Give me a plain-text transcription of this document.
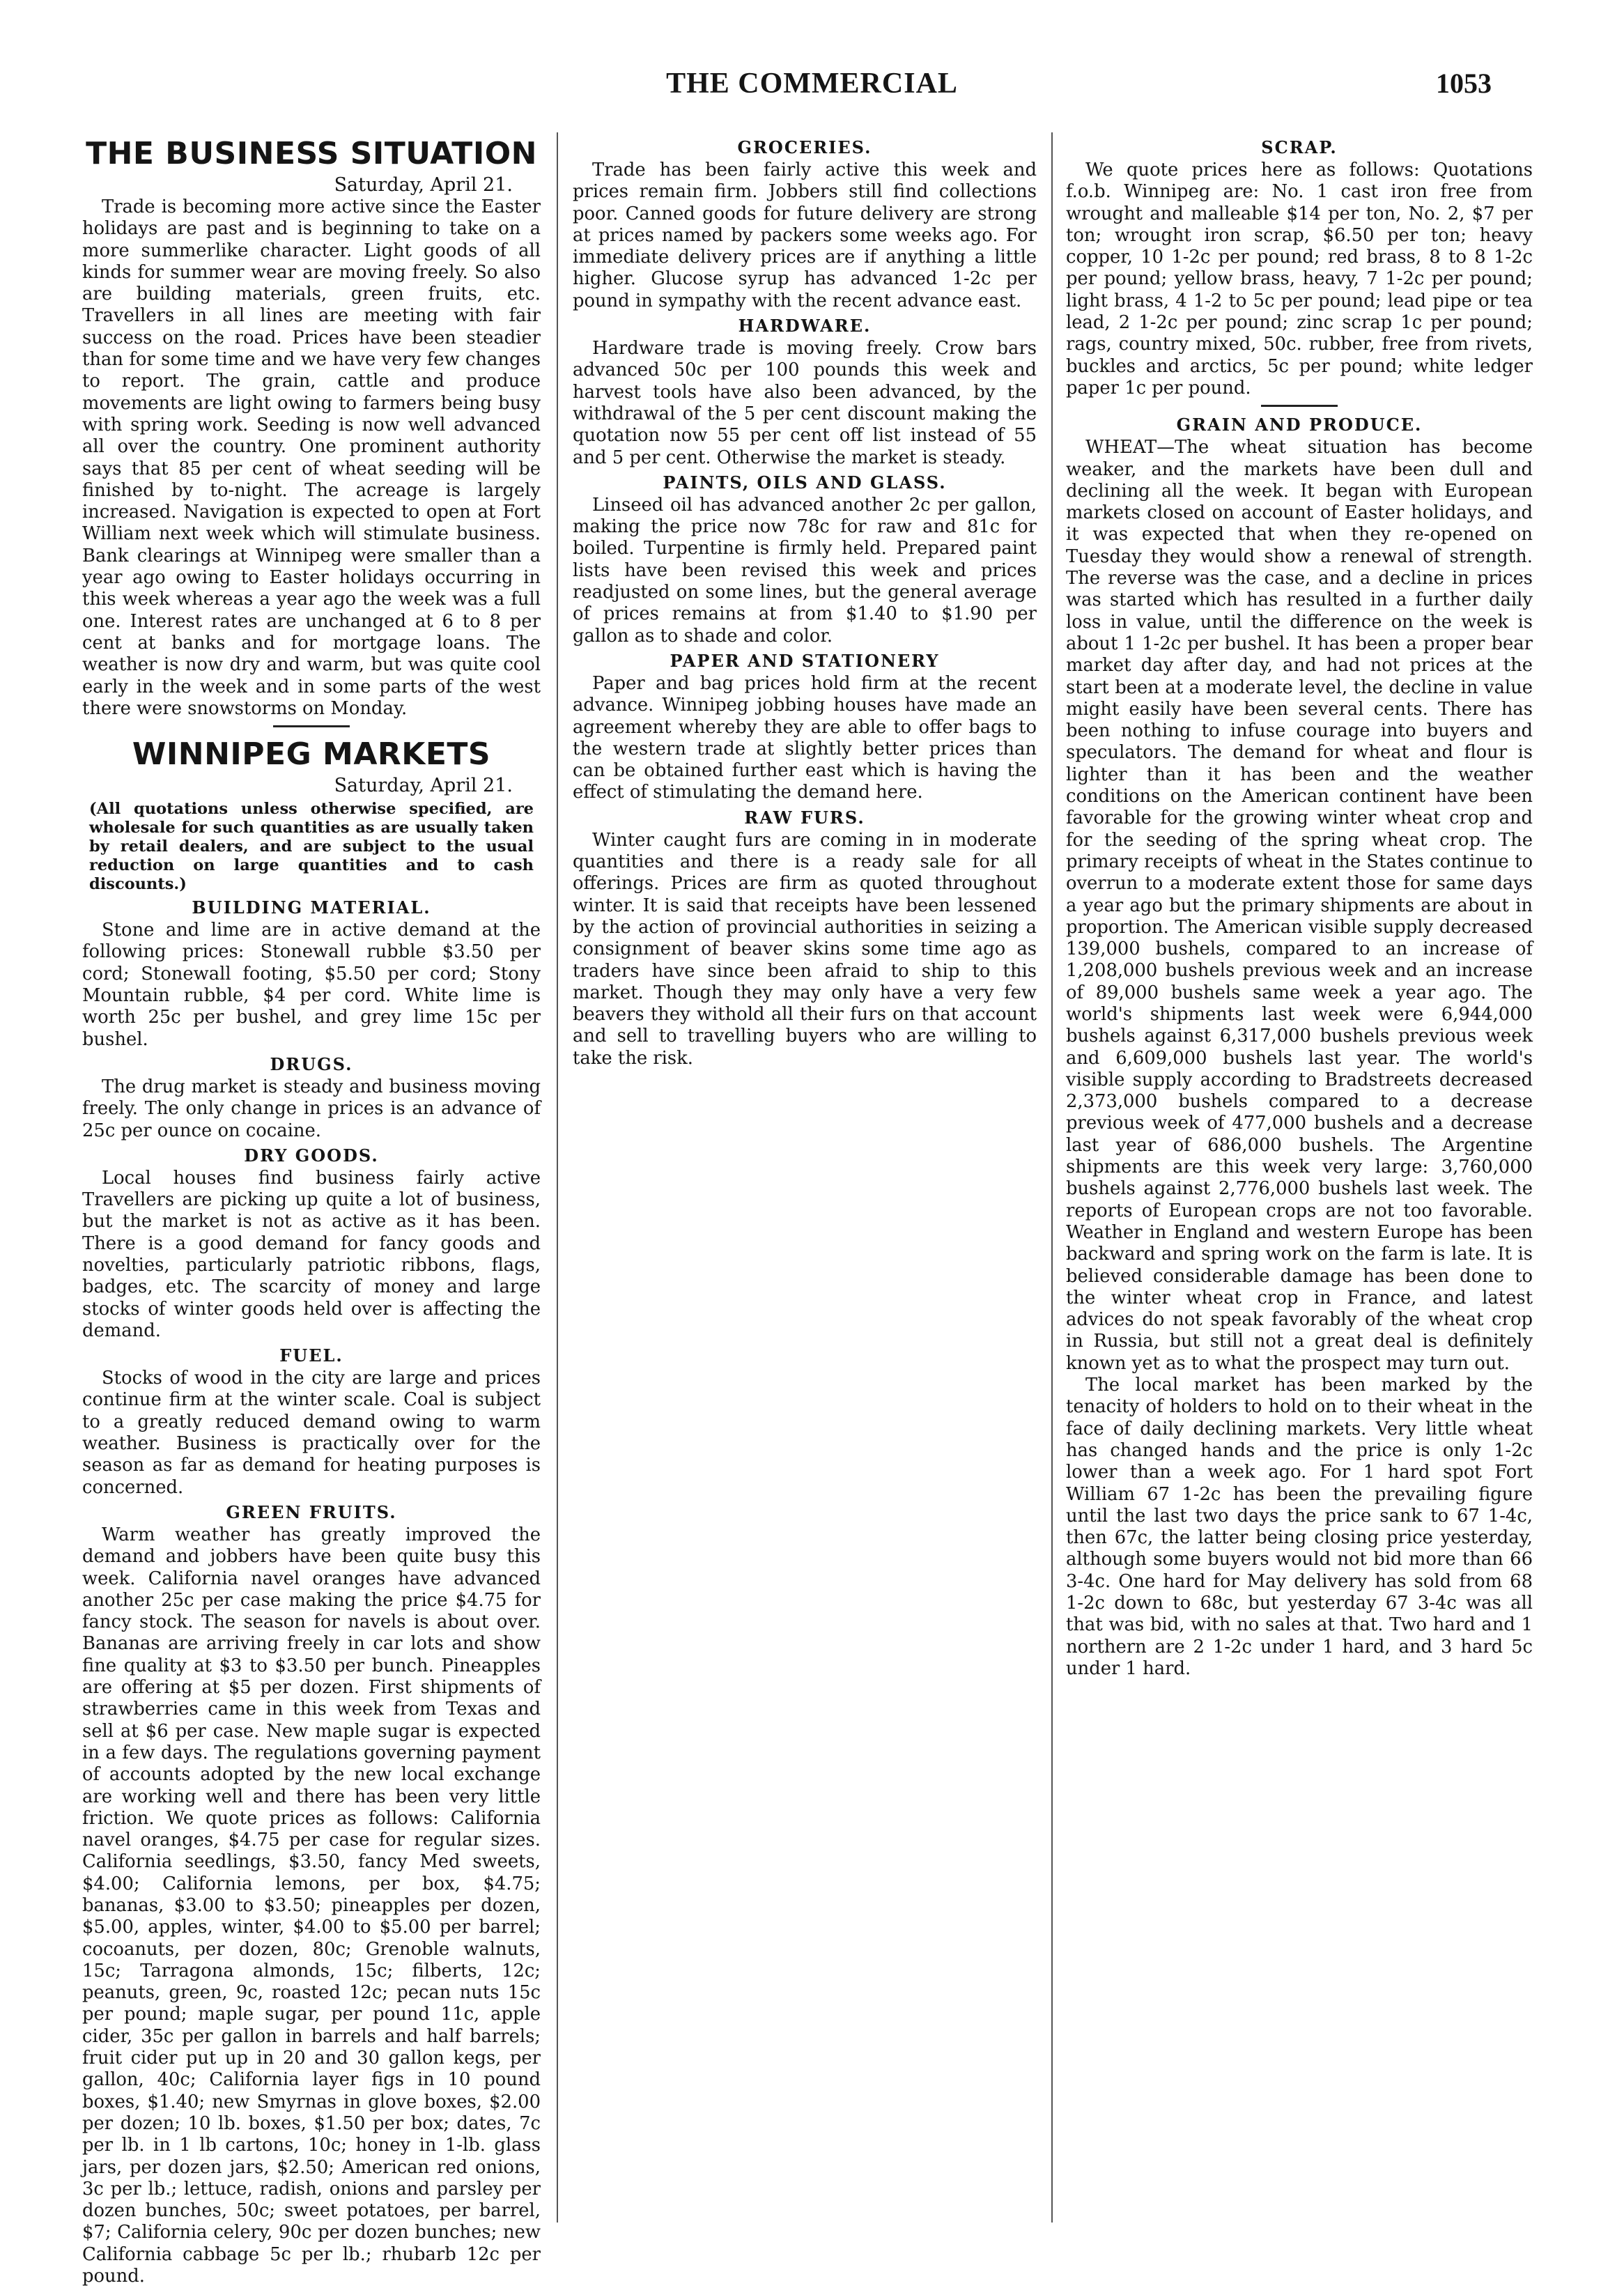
THE COMMERCIAL	1053
THE BUSINESS SITUATION

Saturday, April 21.

Trade is becoming more active since the Easter holidays are past and is beginning to take on a more summerlike character. Light goods of all kinds for summer wear are moving freely. So also are building materials, green fruits, etc. Travellers in all lines are meeting with fair success on the road. Prices have been steadier than for some time and we have very few changes to report. The grain, cattle and produce movements are light owing to farmers being busy with spring work. Seeding is now well advanced all over the country. One prominent authority says that 85 per cent of wheat seeding will be finished by to-night. The acreage is largely increased. Navigation is expected to open at Fort William next week which will stimulate business. Bank clearings at Winnipeg were smaller than a year ago owing to Easter holidays occurring in this week whereas a year ago the week was a full one. Interest rates are unchanged at 6 to 8 per cent at banks and for mortgage loans. The weather is now dry and warm, but was quite cool early in the week and in some parts of the west there were snowstorms on Monday.

WINNIPEG MARKETS

Saturday, April 21.

(All quotations unless otherwise specified, are wholesale for such quantities as are usually taken by retail dealers, and are subject to the usual reduction on large quantities and to cash discounts.)

BUILDING MATERIAL.

Stone and lime are in active demand at the following prices: Stonewall rubble $3.50 per cord; Stonewall footing, $5.50 per cord; Stony Mountain rubble, $4 per cord. White lime is worth 25c per bushel, and grey lime 15c per bushel.

DRUGS.

The drug market is steady and business moving freely. The only change in prices is an advance of 25c per ounce on cocaine.

DRY GOODS.

Local houses find business fairly active Travellers are picking up quite a lot of business, but the market is not as active as it has been. There is a good demand for fancy goods and novelties, particularly patriotic ribbons, flags, badges, etc. The scarcity of money and large stocks of winter goods held over is affecting the demand.

FUEL.

Stocks of wood in the city are large and prices continue firm at the winter scale. Coal is subject to a greatly reduced demand owing to warm weather. Business is practically over for the season as far as demand for heating purposes is concerned.

GREEN FRUITS.

Warm weather has greatly improved the demand and jobbers have been quite busy this week. California navel oranges have advanced another 25c per case making the price $4.75 for fancy stock. The season for navels is about over. Bananas are arriving freely in car lots and show fine quality at $3 to $3.50 per bunch. Pineapples are offering at $5 per dozen. First shipments of strawberries came in this week from Texas and sell at $6 per case. New maple sugar is expected in a few days. The regulations governing payment of accounts adopted by the new local exchange are working well and there has been very little friction. We quote prices as follows: California navel oranges, $4.75 per case for regular sizes. California seedlings, $3.50, fancy Med sweets, $4.00; California lemons, per box, $4.75; bananas, $3.00 to $3.50; pineapples per dozen, $5.00, apples, winter, $4.00 to $5.00 per barrel; cocoanuts, per dozen, 80c; Grenoble walnuts, 15c; Tarragona almonds, 15c; filberts, 12c; peanuts, green, 9c, roasted 12c; pecan nuts 15c per pound; maple sugar, per pound 11c, apple cider, 35c per gallon in barrels and half barrels; fruit cider put up in 20 and 30 gallon kegs, per gallon, 40c; California layer figs in 10 pound boxes, $1.40; new Smyrnas in glove boxes, $2.00 per dozen; 10 lb. boxes, $1.50 per box; dates, 7c per lb. in 1 lb cartons, 10c; honey in 1-lb. glass jars, per dozen jars, $2.50; American red onions, 3c per lb.; lettuce, radish, onions and parsley per dozen bunches, 50c; sweet potatoes, per barrel, $7; California celery, 90c per dozen bunches; new California cabbage 5c per lb.; rhubarb 12c per pound.

GROCERIES.

Trade has been fairly active this week and prices remain firm. Jobbers still find collections poor. Canned goods for future delivery are strong at prices named by packers some weeks ago. For immediate delivery prices are if anything a little higher. Glucose syrup has advanced 1-2c per pound in sympathy with the recent advance east.

HARDWARE.

Hardware trade is moving freely. Crow bars advanced 50c per 100 pounds this week and harvest tools have also been advanced, by the withdrawal of the 5 per cent discount making the quotation now 55 per cent off list instead of 55 and 5 per cent. Otherwise the market is steady.

PAINTS, OILS AND GLASS.

Linseed oil has advanced another 2c per gallon, making the price now 78c for raw and 81c for boiled. Turpentine is firmly held. Prepared paint lists have been revised this week and prices readjusted on some lines, but the general average of prices remains at from $1.40 to $1.90 per gallon as to shade and color.

PAPER AND STATIONERY

Paper and bag prices hold firm at the recent advance. Winnipeg jobbing houses have made an agreement whereby they are able to offer bags to the western trade at slightly better prices than can be obtained further east which is having the effect of stimulating the demand here.

RAW FURS.

Winter caught furs are coming in in moderate quantities and there is a ready sale for all offerings. Prices are firm as quoted throughout winter. It is said that receipts have been lessened by the action of provincial authorities in seizing a consignment of beaver skins some time ago as traders have since been afraid to ship to this market. Though they may only have a very few beavers they withold all their furs on that account and sell to travelling buyers who are willing to take the risk.

SCRAP.

We quote prices here as follows: Quotations f.o.b. Winnipeg are: No. 1 cast iron free from wrought and malleable $14 per ton, No. 2, $7 per ton; wrought iron scrap, $6.50 per ton; heavy copper, 10 1-2c per pound; red brass, 8 to 8 1-2c per pound; yellow brass, heavy, 7 1-2c per pound; light brass, 4 1-2 to 5c per pound; lead pipe or tea lead, 2 1-2c per pound; zinc scrap 1c per pound; rags, country mixed, 50c. rubber, free from rivets, buckles and arctics, 5c per pound; white ledger paper 1c per pound.

GRAIN AND PRODUCE.

WHEAT—The wheat situation has become weaker, and the markets have been dull and declining all the week. It began with European markets closed on account of Easter holidays, and it was expected that when they re-opened on Tuesday they would show a renewal of strength. The reverse was the case, and a decline in prices was started which has resulted in a further daily loss in value, until the difference on the week is about 1 1-2c per bushel. It has been a proper bear market day after day, and had not prices at the start been at a moderate level, the decline in value might easily have been several cents. There has been nothing to infuse courage into buyers and speculators. The demand for wheat and flour is lighter than it has been and the weather conditions on the American continent have been favorable for the growing winter wheat crop and for the seeding of the spring wheat crop. The primary receipts of wheat in the States continue to overrun to a moderate extent those for same days a year ago but the primary shipments are about in proportion. The American visible supply decreased 139,000 bushels, compared to an increase of 1,208,000 bushels previous week and an increase of 89,000 bushels same week a year ago. The world's shipments last week were 6,944,000 bushels against 6,317,000 bushels previous week and 6,609,000 bushels last year. The world's visible supply according to Bradstreets decreased 2,373,000 bushels compared to a decrease previous week of 477,000 bushels and a decrease last year of 686,000 bushels. The Argentine shipments are this week very large: 3,760,000 bushels against 2,776,000 bushels last week. The reports of European crops are not too favorable. Weather in England and western Europe has been backward and spring work on the farm is late. It is believed considerable damage has been done to the winter wheat crop in France, and latest advices do not speak favorably of the wheat crop in Russia, but still not a great deal is definitely known yet as to what the prospect may turn out.

The local market has been marked by the tenacity of holders to hold on to their wheat in the face of daily declining markets. Very little wheat has changed hands and the price is only 1-2c lower than a week ago. For 1 hard spot Fort William 67 1-2c has been the prevailing figure until the last two days the price sank to 67 1-4c, then 67c, the latter being closing price yesterday, although some buyers would not bid more than 66 3-4c. One hard for May delivery has sold from 68 1-2c down to 68c, but yesterday 67 3-4c was all that was bid, with no sales at that. Two hard and 1 northern are 2 1-2c under 1 hard, and 3 hard 5c under 1 hard.
